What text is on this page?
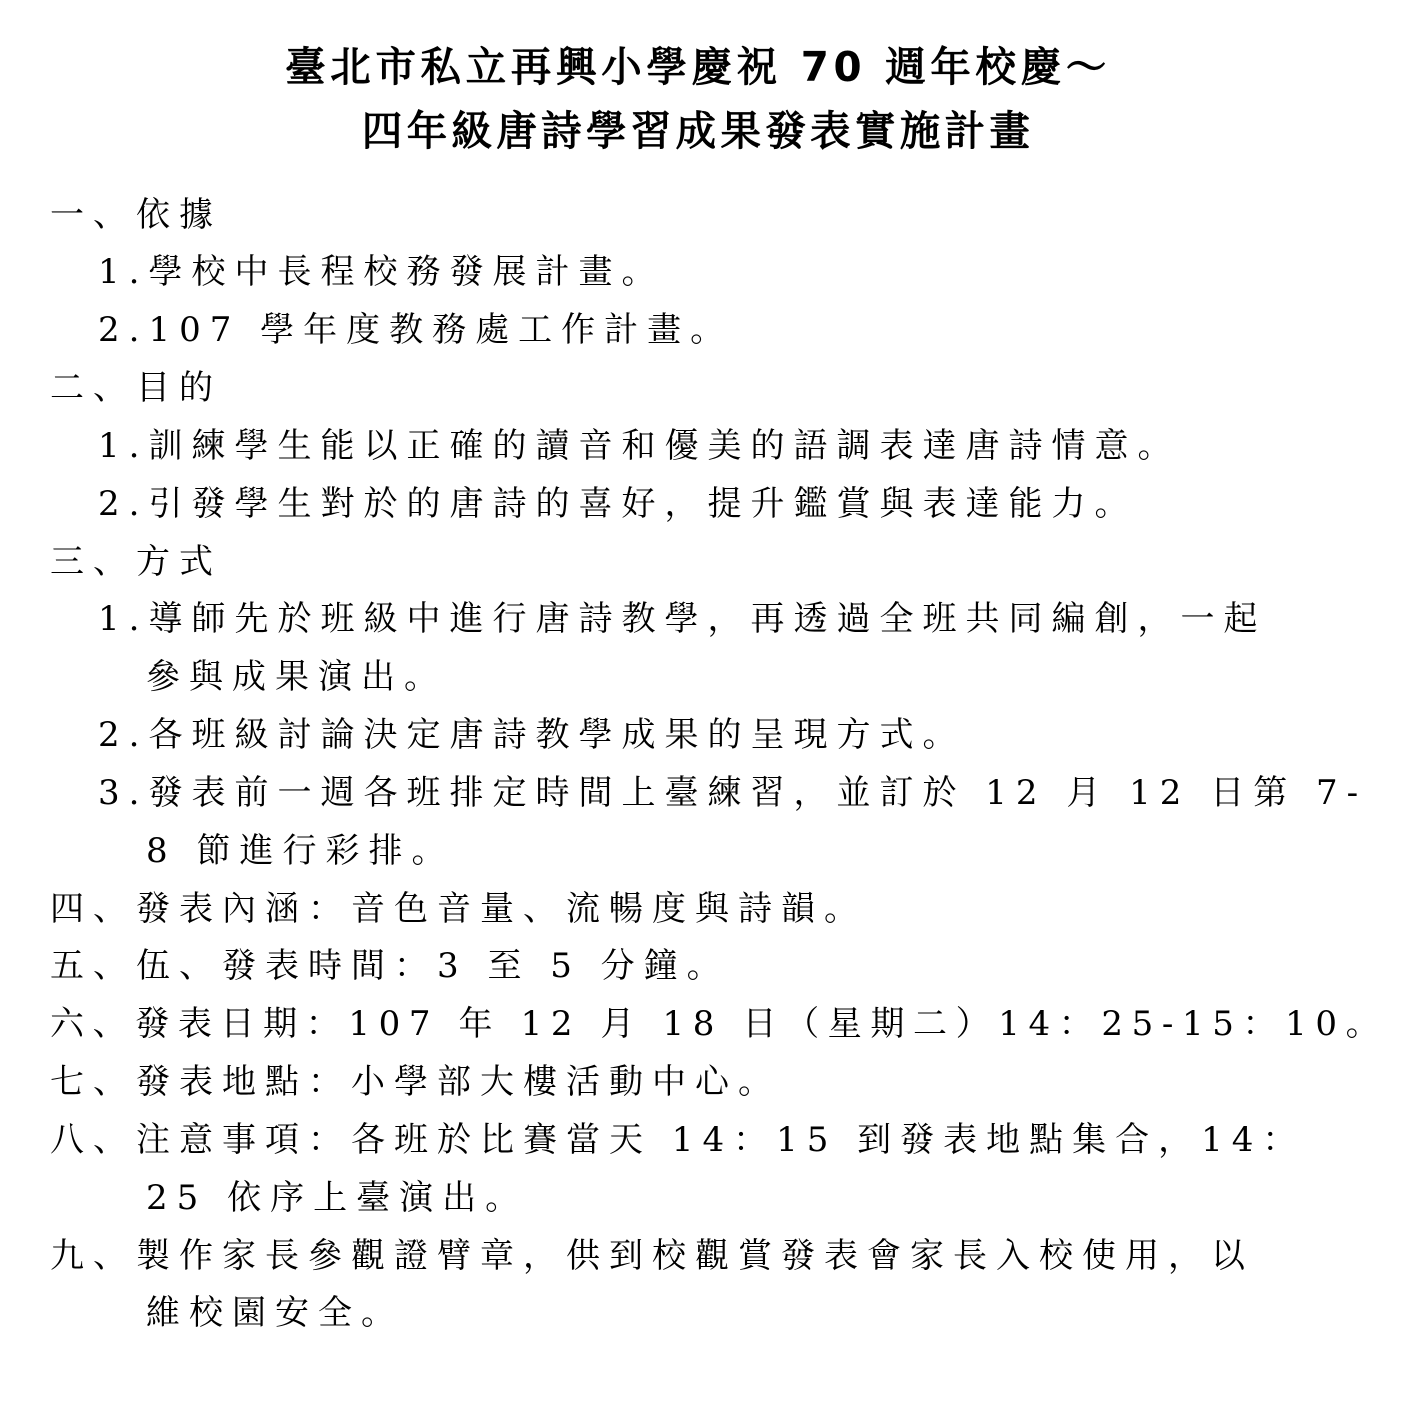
臺北市私立再興小學慶祝 70 週年校慶～
四年級唐詩學習成果發表實施計畫
一、依據
1.學校中長程校務發展計畫。
2.107 學年度教務處工作計畫。
二、目的
1.訓練學生能以正確的讀音和優美的語調表達唐詩情意。
2.引發學生對於的唐詩的喜好，提升鑑賞與表達能力。
三、方式
1.導師先於班級中進行唐詩教學，再透過全班共同編創，一起
參與成果演出。
2.各班級討論決定唐詩教學成果的呈現方式。
3.發表前一週各班排定時間上臺練習，並訂於 12 月 12 日第 7-
8 節進行彩排。
四、發表內涵：音色音量、流暢度與詩韻。
五、伍、發表時間：3 至 5 分鐘。
六、發表日期：107 年 12 月 18 日（星期二）14：25-15：10。
七、發表地點：小學部大樓活動中心。
八、注意事項：各班於比賽當天 14：15 到發表地點集合，14：
25 依序上臺演出。
九、製作家長參觀證臂章，供到校觀賞發表會家長入校使用，以
維校園安全。
